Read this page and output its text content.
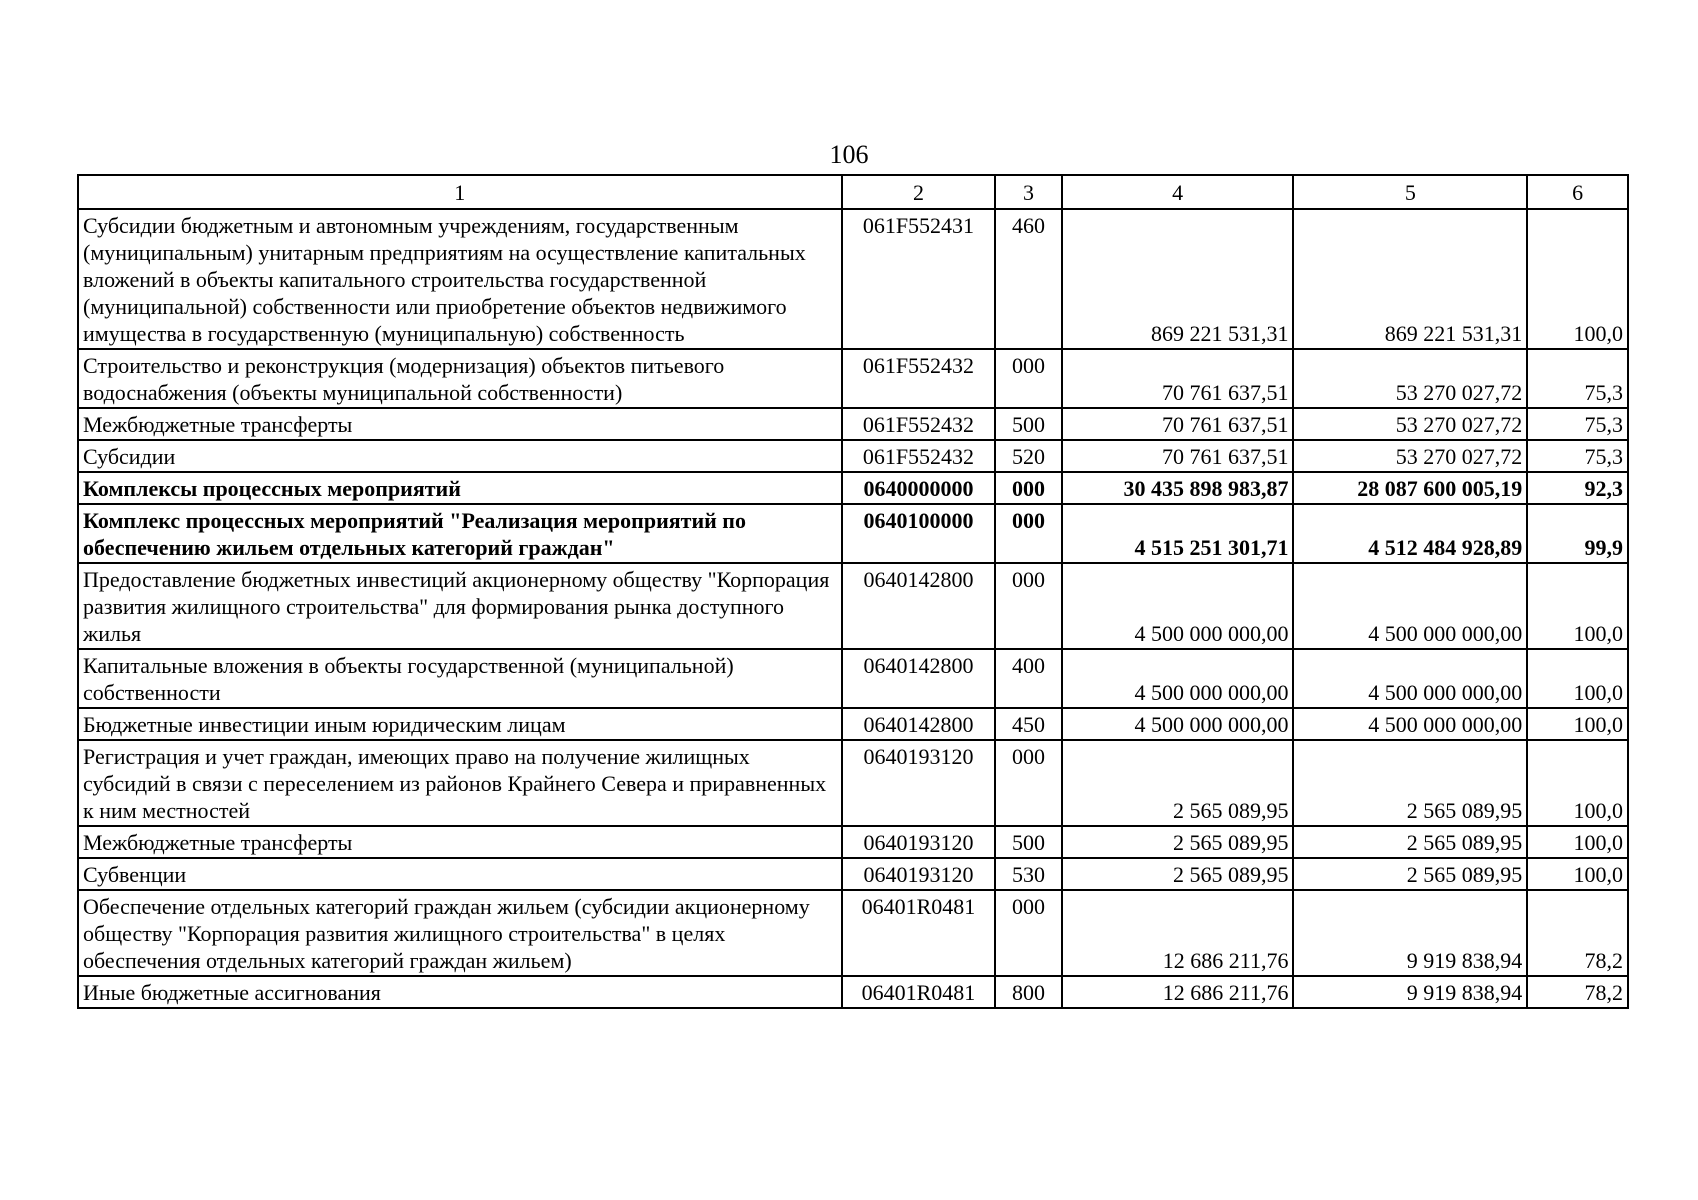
106
1	2	3	4	5	6
Субсидии бюджетным и автономным учреждениям, государственным (муниципальным) унитарным предприятиям на осуществление капитальных вложений в объекты капитального строительства государственной (муниципальной) собственности или приобретение объектов недвижимого имущества в государственную (муниципальную) собственность	061F552431	460	869 221 531,31	869 221 531,31	100,0
Строительство и реконструкция (модернизация) объектов питьевого водоснабжения (объекты муниципальной собственности)	061F552432	000	70 761 637,51	53 270 027,72	75,3
Межбюджетные трансферты	061F552432	500	70 761 637,51	53 270 027,72	75,3
Субсидии	061F552432	520	70 761 637,51	53 270 027,72	75,3
Комплексы процессных мероприятий	0640000000	000	30 435 898 983,87	28 087 600 005,19	92,3
Комплекс процессных мероприятий "Реализация мероприятий по обеспечению жильем отдельных категорий граждан"	0640100000	000	4 515 251 301,71	4 512 484 928,89	99,9
Предоставление бюджетных инвестиций акционерному обществу "Корпорация развития жилищного строительства" для формирования рынка доступного жилья	0640142800	000	4 500 000 000,00	4 500 000 000,00	100,0
Капитальные вложения в объекты государственной (муниципальной) собственности	0640142800	400	4 500 000 000,00	4 500 000 000,00	100,0
Бюджетные инвестиции иным юридическим лицам	0640142800	450	4 500 000 000,00	4 500 000 000,00	100,0
Регистрация и учет граждан, имеющих право на получение жилищных субсидий в связи с переселением из районов Крайнего Севера и приравненных к ним местностей	0640193120	000	2 565 089,95	2 565 089,95	100,0
Межбюджетные трансферты	0640193120	500	2 565 089,95	2 565 089,95	100,0
Субвенции	0640193120	530	2 565 089,95	2 565 089,95	100,0
Обеспечение отдельных категорий граждан жильем (субсидии акционерному обществу "Корпорация развития жилищного строительства" в целях обеспечения отдельных категорий граждан жильем)	06401R0481	000	12 686 211,76	9 919 838,94	78,2
Иные бюджетные ассигнования	06401R0481	800	12 686 211,76	9 919 838,94	78,2
